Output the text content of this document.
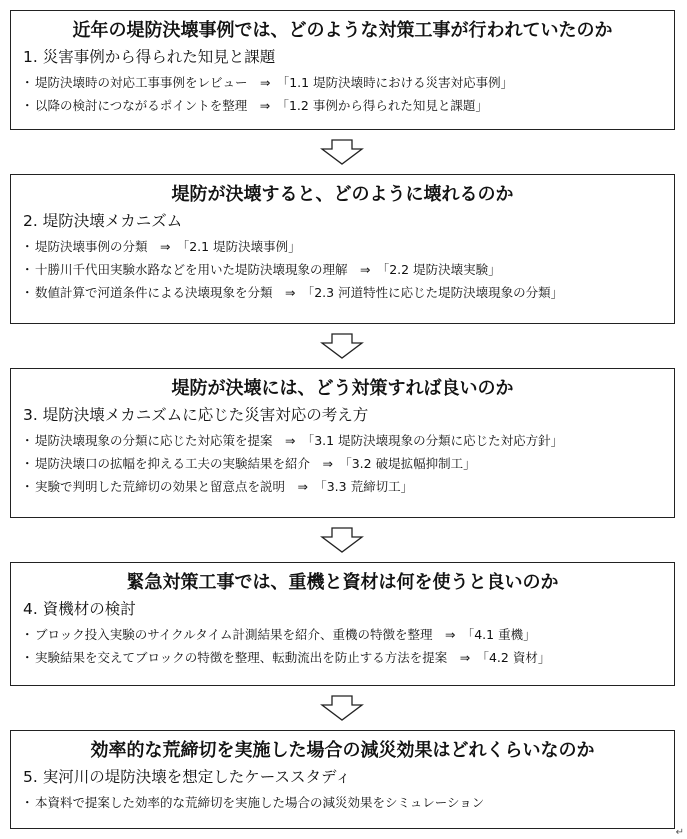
近年の堤防決壊事例では、どのような対策工事が行われていたのか
1. 災害事例から得られた知見と課題
・ 堤防決壊時の対応工事事例をレビュー　⇒　「1.1 堤防決壊時における災害対応事例」
・ 以降の検討につながるポイントを整理　⇒　「1.2 事例から得られた知見と課題」
堤防が決壊すると、どのように壊れるのか
2. 堤防決壊メカニズム
・ 堤防決壊事例の分類　⇒　「2.1 堤防決壊事例」
・ 十勝川千代田実験水路などを用いた堤防決壊現象の理解　⇒　「2.2 堤防決壊実験」
・ 数値計算で河道条件による決壊現象を分類　⇒　「2.3 河道特性に応じた堤防決壊現象の分類」
堤防が決壊には、どう対策すれば良いのか
3. 堤防決壊メカニズムに応じた災害対応の考え方
・ 堤防決壊現象の分類に応じた対応策を提案　⇒　「3.1 堤防決壊現象の分類に応じた対応方針」
・ 堤防決壊口の拡幅を抑える工夫の実験結果を紹介　⇒　「3.2 破堤拡幅抑制工」
・ 実験で判明した荒締切の効果と留意点を説明　⇒　「3.3 荒締切工」
緊急対策工事では、重機と資材は何を使うと良いのか
4. 資機材の検討
・ ブロック投入実験のサイクルタイム計測結果を紹介、重機の特徴を整理　⇒　「4.1 重機」
・ 実験結果を交えてブロックの特徴を整理、転動流出を防止する方法を提案　⇒　「4.2 資材」
効率的な荒締切を実施した場合の減災効果はどれくらいなのか
5. 実河川の堤防決壊を想定したケーススタディ
・ 本資料で提案した効率的な荒締切を実施した場合の減災効果をシミュレーション
↵
